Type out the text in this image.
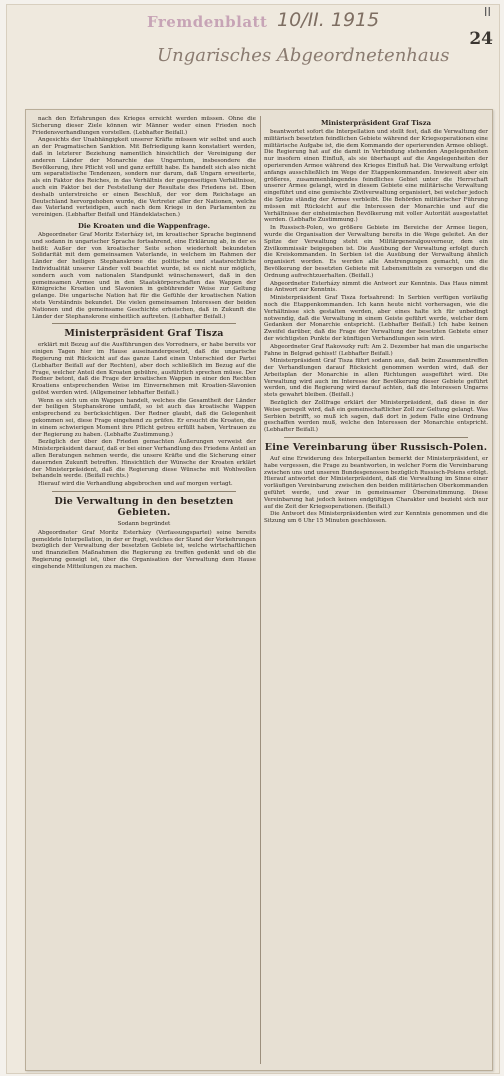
Fremdenblatt 10/II. 1915	II
24
Ungarisches Abgeordnetenhaus

nach den Erfahrungen des Krieges erreicht werden müssen. Ohne die Sicherung dieser Ziele können wir Männer weder einen Frieden noch Friedensverhandlungen vorstellen. (Lebhafter Beifall.)

Angesichts der Unabhängigkeit unserer Kräfte müssen wir selbst und auch an der Pragmatischen Sanktion. Mit Befriedigung kann konstatiert werden, daß in letzterer Beziehung namentlich hinsichtlich der Vereinigung der anderen Länder der Monarchie das Ungarntum, insbesondere die Bevölkerung, ihre Pflicht voll und ganz erfüllt habe. Es handelt sich also nicht um separatistische Tendenzen, sondern nur darum, daß Ungarn erweiterte, als ein Faktor des Reiches, in das Verhältnis der gegenseitigen Verhältnisse, auch ein Faktor bei der Feststellung der Resultate des Friedens ist. Eben deshalb unterstreiche er einen Beschluß, der vor dem Reichstage an Deutschland hervorgehoben wurde, die Vertreter aller der Nationen, welche das Vaterland verteidigen, auch nach dem Kriege in den Parlamenten zu vereinigen. (Lebhafter Beifall und Händeklatschen.)

Die Kroaten und die Wappenfrage.

Abgeordneter Graf Moritz Esterházy ist, im kroatischer Sprache beginnend und sodann in ungarischer Sprache fortsahrend, eine Erklärung ab, in der es heißt: Außer der von kroatischer Seite schon wiederholt bekundeten Solidarität mit dem gemeinsamen Vaterlande, in welchem im Rahmen der Länder der heiligen Stephanskrone die politische und staatsrechtliche Individualität unserer Länder voll beachtet wurde, ist es nicht nur möglich, sondern auch vom nationalen Standpunkt wünschenswert, daß in den gemeinsamen Armee und in den Staatskörperschaften das Wappen der Königreiche Kroatien und Slavonien in gebührender Weise zur Geltung gelange. Die ungarische Nation hat für die Gefühle der kroatischen Nation stets Verständnis bekundet. Die vielen gemeinsamen Interessen der beiden Nationen und die gemeinsame Geschichte erheischen, daß in Zukunft die Länder der Stephanskrone einheitlich auftreten. (Lebhafter Beifall.)

Ministerpräsident Graf Tisza

erklärt mit Bezug auf die Ausführungen des Vorredners, er habe bereits vor einigen Tagen hier im Hause auseinandergesetzt, daß die ungarische Regierung mit Rücksicht auf das ganze Land einen Unterschied der Partei (Lebhafter Beifall auf der Rechten), aber doch schließlich im Bezug auf die Frage, welcher Anteil den Kroaten gebühre, ausführlich sprechen müsse. Der Redner betont, daß die Frage der kroatischen Wappen in einer den Rechten Kroatiens entsprechenden Weise im Einvernehmen mit Kroatien-Slavonien gelöst werden wird. (Allgemeiner lebhafter Beifall.)

Wenn es sich um ein Wappen handelt, welches die Gesamtheit der Länder der heiligen Stephanskrone umfaßt, so ist auch das kroatische Wappen entsprechend zu berücksichtigen. Der Redner glaubt, daß die Gelegenheit gekommen sei, diese Frage eingehend zu prüfen. Er ersucht die Kroaten, die in einem schwierigen Moment ihre Pflicht getreu erfüllt haben, Vertrauen zu der Regierung zu haben. (Lebhafte Zustimmung.)

Bezüglich der über den Frieden gemachten Äußerungen verweist der Ministerpräsident darauf, daß er bei einer Verhandlung des Friedens Anteil an allen Beratungen nehmen werde, die unsere Kräfte und die Sicherung einer dauernden Zukunft betreffen. Hinsichtlich der Wünsche der Kroaten erklärt der Ministerpräsident, daß die Regierung diese Wünsche mit Wohlwollen behandeln werde. (Beifall rechts.)

Hierauf wird die Verhandlung abgebrochen und auf morgen vertagt.

Die Verwaltung in den besetzten Gebieten.
Sodann begründet

Abgeordneter Graf Moritz Esterházy (Verfassungspartei) seine bereits gemeldete Interpellation, in der er fragt, welches der Stand der Vorkehrungen bezüglich der Verwaltung der besetzten Gebiete ist, welche wirtschaftlichen und finanziellen Maßnahmen die Regierung zu treffen gedenkt und ob die Regierung geneigt ist, über die Organisation der Verwaltung dem Hause eingehende Mitteilungen zu machen.

Ministerpräsident Graf Tisza

beantwortet sofort die Interpellation und stellt fest, daß die Verwaltung der militärisch besetzten feindlichen Gebiete während der Kriegsoperationen eine militärische Aufgabe ist, die dem Kommando der operierenden Armee obliegt. Die Regierung hat auf die damit in Verbindung stehenden Angelegenheiten nur insofern einen Einfluß, als sie überhaupt auf die Angelegenheiten der operierenden Armee während des Krieges Einfluß hat. Die Verwaltung erfolgt anfangs ausschließlich im Wege der Etappenkommanden. Inwieweit aber ein größeres, zusammenhängendes feindliches Gebiet unter die Herrschaft unserer Armee gelangt, wird in diesem Gebiete eine militärische Verwaltung eingeführt und eine gemischte Zivilverwaltung organisiert, bei welcher jedoch die Spitze ständig der Armee verbleibt. Die Behörden militärischer Führung müssen mit Rücksicht auf die Interessen der Monarchie und auf die Verhältnisse der einheimischen Bevölkerung mit voller Autorität ausgestattet werden. (Lebhafte Zustimmung.)

In Russisch-Polen, wo größere Gebiete im Bereiche der Armee liegen, wurde die Organisation der Verwaltung bereits in die Wege geleitet. An der Spitze der Verwaltung steht ein Militärgeneralgouverneur, dem ein Zivilkommissär beigegeben ist. Die Ausübung der Verwaltung erfolgt durch die Kreiskommanden. In Serbien ist die Ausübung der Verwaltung ähnlich organisiert worden. Es werden alle Anstrengungen gemacht, um die Bevölkerung der besetzten Gebiete mit Lebensmitteln zu versorgen und die Ordnung aufrechtzuerhalten. (Beifall.)

Abgeordneter Esterházy nimmt die Antwort zur Kenntnis. Das Haus nimmt die Antwort zur Kenntnis.

Ministerpräsident Graf Tisza fortsahrend: In Serbien verfügen vorläufig noch die Etappenkommanden. Ich kann heute nicht vorhersagen, wie die Verhältnisse sich gestalten werden, aber eines halte ich für unbedingt notwendig, daß die Verwaltung in einem Geiste geführt werde, welcher dem Gedanken der Monarchie entspricht. (Lebhafter Beifall.) Ich habe keinen Zweifel darüber, daß die Frage der Verwaltung der besetzten Gebiete einer der wichtigsten Punkte der künftigen Verhandlungen sein wird.

Abgeordneter Graf Rakovszky ruft: Am 2. Dezember hat man die ungarische Fahne in Belgrad gehisst! (Lebhafter Beifall.)

Ministerpräsident Graf Tisza führt sodann aus, daß beim Zusammentreffen der Verhandlungen darauf Rücksicht genommen werden wird, daß der Arbeitsplan der Monarchie in allen Richtungen ausgeführt wird. Die Verwaltung wird auch im Interesse der Bevölkerung dieser Gebiete geführt werden, und die Regierung wird darauf achten, daß die Interessen Ungarns stets gewahrt bleiben. (Beifall.)

Bezüglich der Zollfrage erklärt der Ministerpräsident, daß diese in der Weise geregelt wird, daß ein gemeinschaftlicher Zoll zur Geltung gelangt. Was Serbien betrifft, so muß ich sagen, daß dort in jedem Falle eine Ordnung geschaffen werden muß, welche den Interessen der Monarchie entspricht. (Lebhafter Beifall.)

Eine Vereinbarung über Russisch-Polen.

Auf eine Erwiderung des Interpellanten bemerkt der Ministerpräsident, er habe vergessen, die Frage zu beantworten, in welcher Form die Vereinbarung zwischen uns und unseren Bundesgenossen bezüglich Russisch-Polens erfolgt. Hierauf antwortet der Ministerpräsident, daß die Verwaltung im Sinne einer vorläufigen Vereinbarung zwischen den beiden militärischen Oberkommanden geführt werde, und zwar in gemeinsamer Übereinstimmung. Diese Vereinbarung hat jedoch keinen endgültigen Charakter und bezieht sich nur auf die Zeit der Kriegsoperationen. (Beifall.)

Die Antwort des Ministerpräsidenten wird zur Kenntnis genommen und die Sitzung um 6 Uhr 15 Minuten geschlossen.
